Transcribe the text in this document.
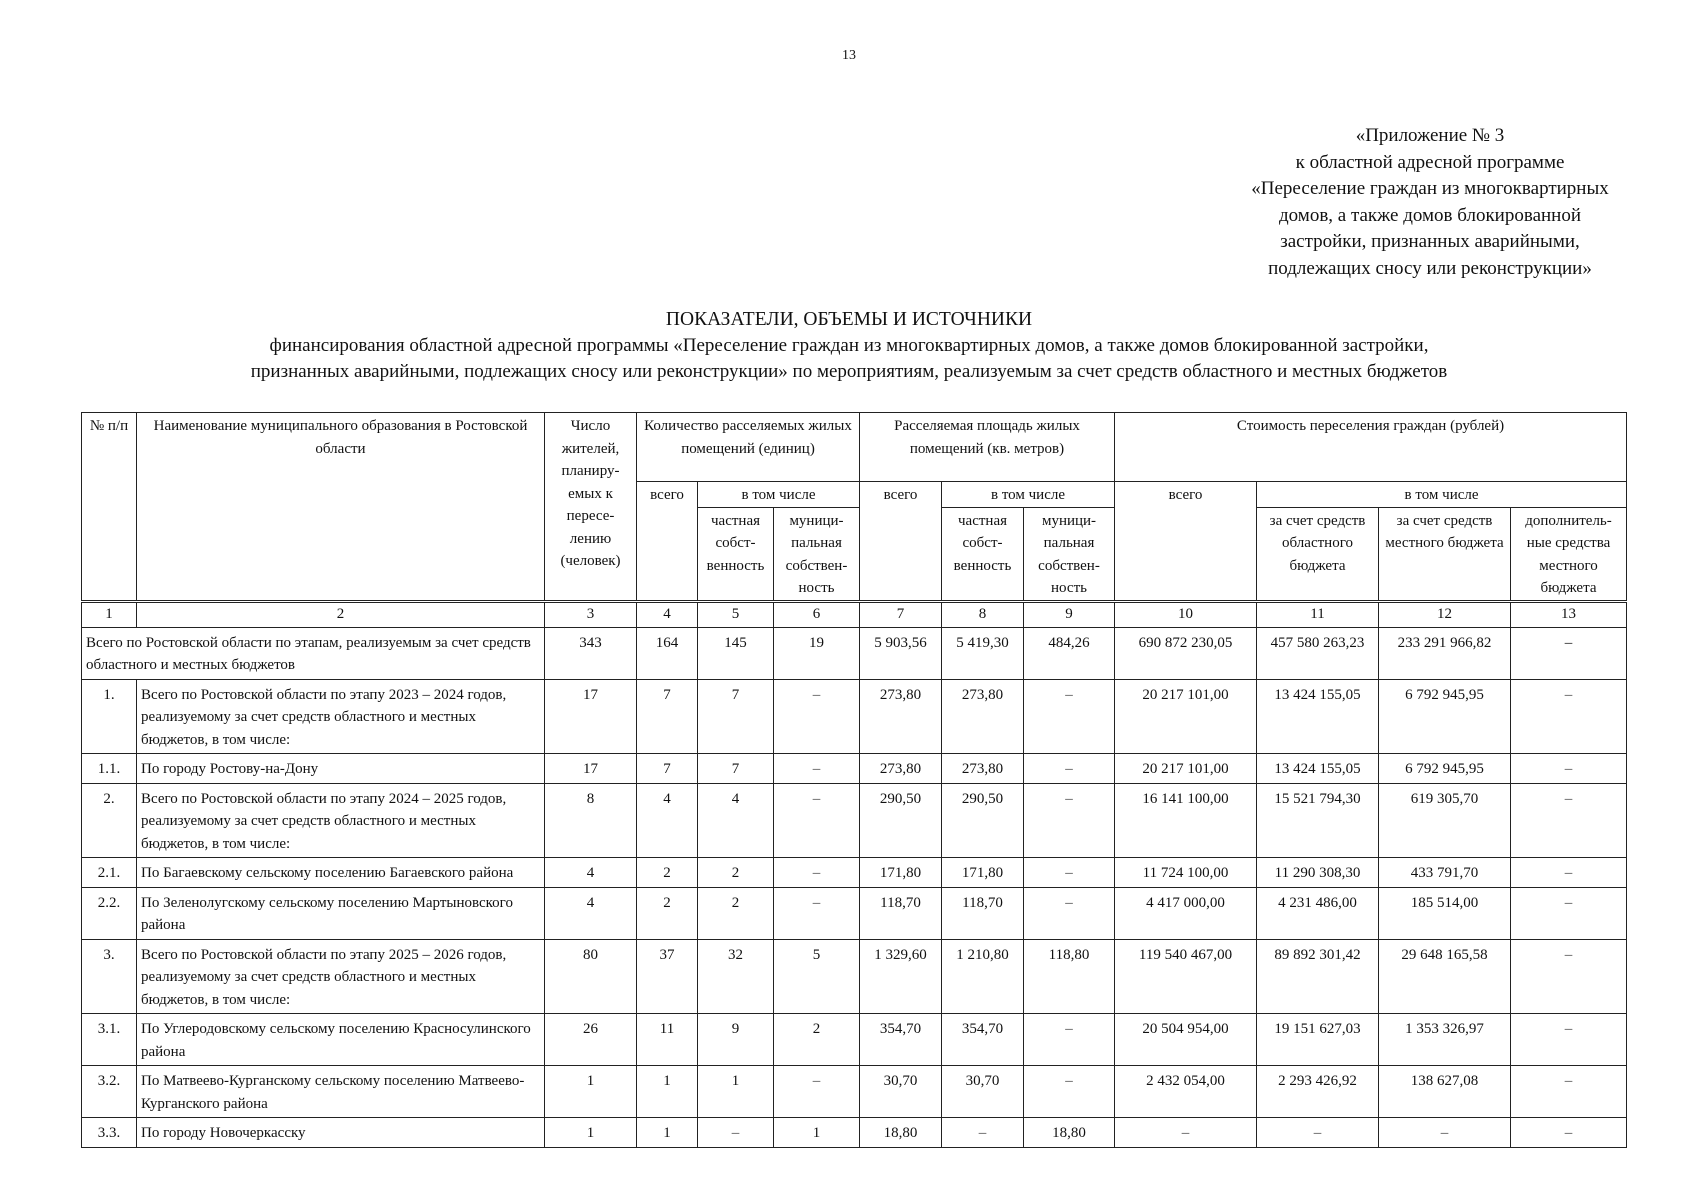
13
«Приложение № 3
к областной адресной программе
«Переселение граждан из многоквартирных
домов, а также домов блокированной
застройки, признанных аварийными,
подлежащих сносу или реконструкции»
ПОКАЗАТЕЛИ, ОБЪЕМЫ И ИСТОЧНИКИ
финансирования областной адресной программы «Переселение граждан из многоквартирных домов, а также домов блокированной застройки,
признанных аварийными, подлежащих сносу или реконструкции» по мероприятиям, реализуемым за счет средств областного и местных бюджетов
№ п/п	Наименование муниципального образования в Ростовской области	Число жителей, планиру-емых к пересе-лению (человек)	Количество расселяемых жилых помещений (единиц)			Расселяемая площадь жилых помещений (кв. метров)			Стоимость переселения граждан (рублей)			
			всего	в том числе		всего	в том числе		всего	в том числе		
				частная собст-венность	муници-пальная собствен-ность		частная собст-венность	муници-пальная собствен-ность		за счет средств областного бюджета	за счет средств местного бюджета	дополнитель-ные средства местного бюджета
1	2	3	4	5	6	7	8	9	10	11	12	13
Всего по Ростовской области по этапам, реализуемым за счет средств областного и местных бюджетов		343	164	145	19	5 903,56	5 419,30	484,26	690 872 230,05	457 580 263,23	233 291 966,82	–
1.	Всего по Ростовской области по этапу 2023 – 2024 годов, реализуемому за счет средств областного и местных бюджетов, в том числе:	17	7	7	–	273,80	273,80	–	20 217 101,00	13 424 155,05	6 792 945,95	–
1.1.	По городу Ростову-на-Дону	17	7	7	–	273,80	273,80	–	20 217 101,00	13 424 155,05	6 792 945,95	–
2.	Всего по Ростовской области по этапу 2024 – 2025 годов, реализуемому за счет средств областного и местных бюджетов, в том числе:	8	4	4	–	290,50	290,50	–	16 141 100,00	15 521 794,30	619 305,70	–
2.1.	По Багаевскому сельскому поселению Багаевского района	4	2	2	–	171,80	171,80	–	11 724 100,00	11 290 308,30	433 791,70	–
2.2.	По Зеленолугскому сельскому поселению Мартыновского района	4	2	2	–	118,70	118,70	–	4 417 000,00	4 231 486,00	185 514,00	–
3.	Всего по Ростовской области по этапу 2025 – 2026 годов, реализуемому за счет средств областного и местных бюджетов, в том числе:	80	37	32	5	1 329,60	1 210,80	118,80	119 540 467,00	89 892 301,42	29 648 165,58	–
3.1.	По Углеродовскому сельскому поселению Красносулинского района	26	11	9	2	354,70	354,70	–	20 504 954,00	19 151 627,03	1 353 326,97	–
3.2.	По Матвеево-Курганскому сельскому поселению Матвеево-Курганского района	1	1	1	–	30,70	30,70	–	2 432 054,00	2 293 426,92	138 627,08	–
3.3.	По городу Новочеркасску	1	1	–	1	18,80	–	18,80	–	–	–	–
